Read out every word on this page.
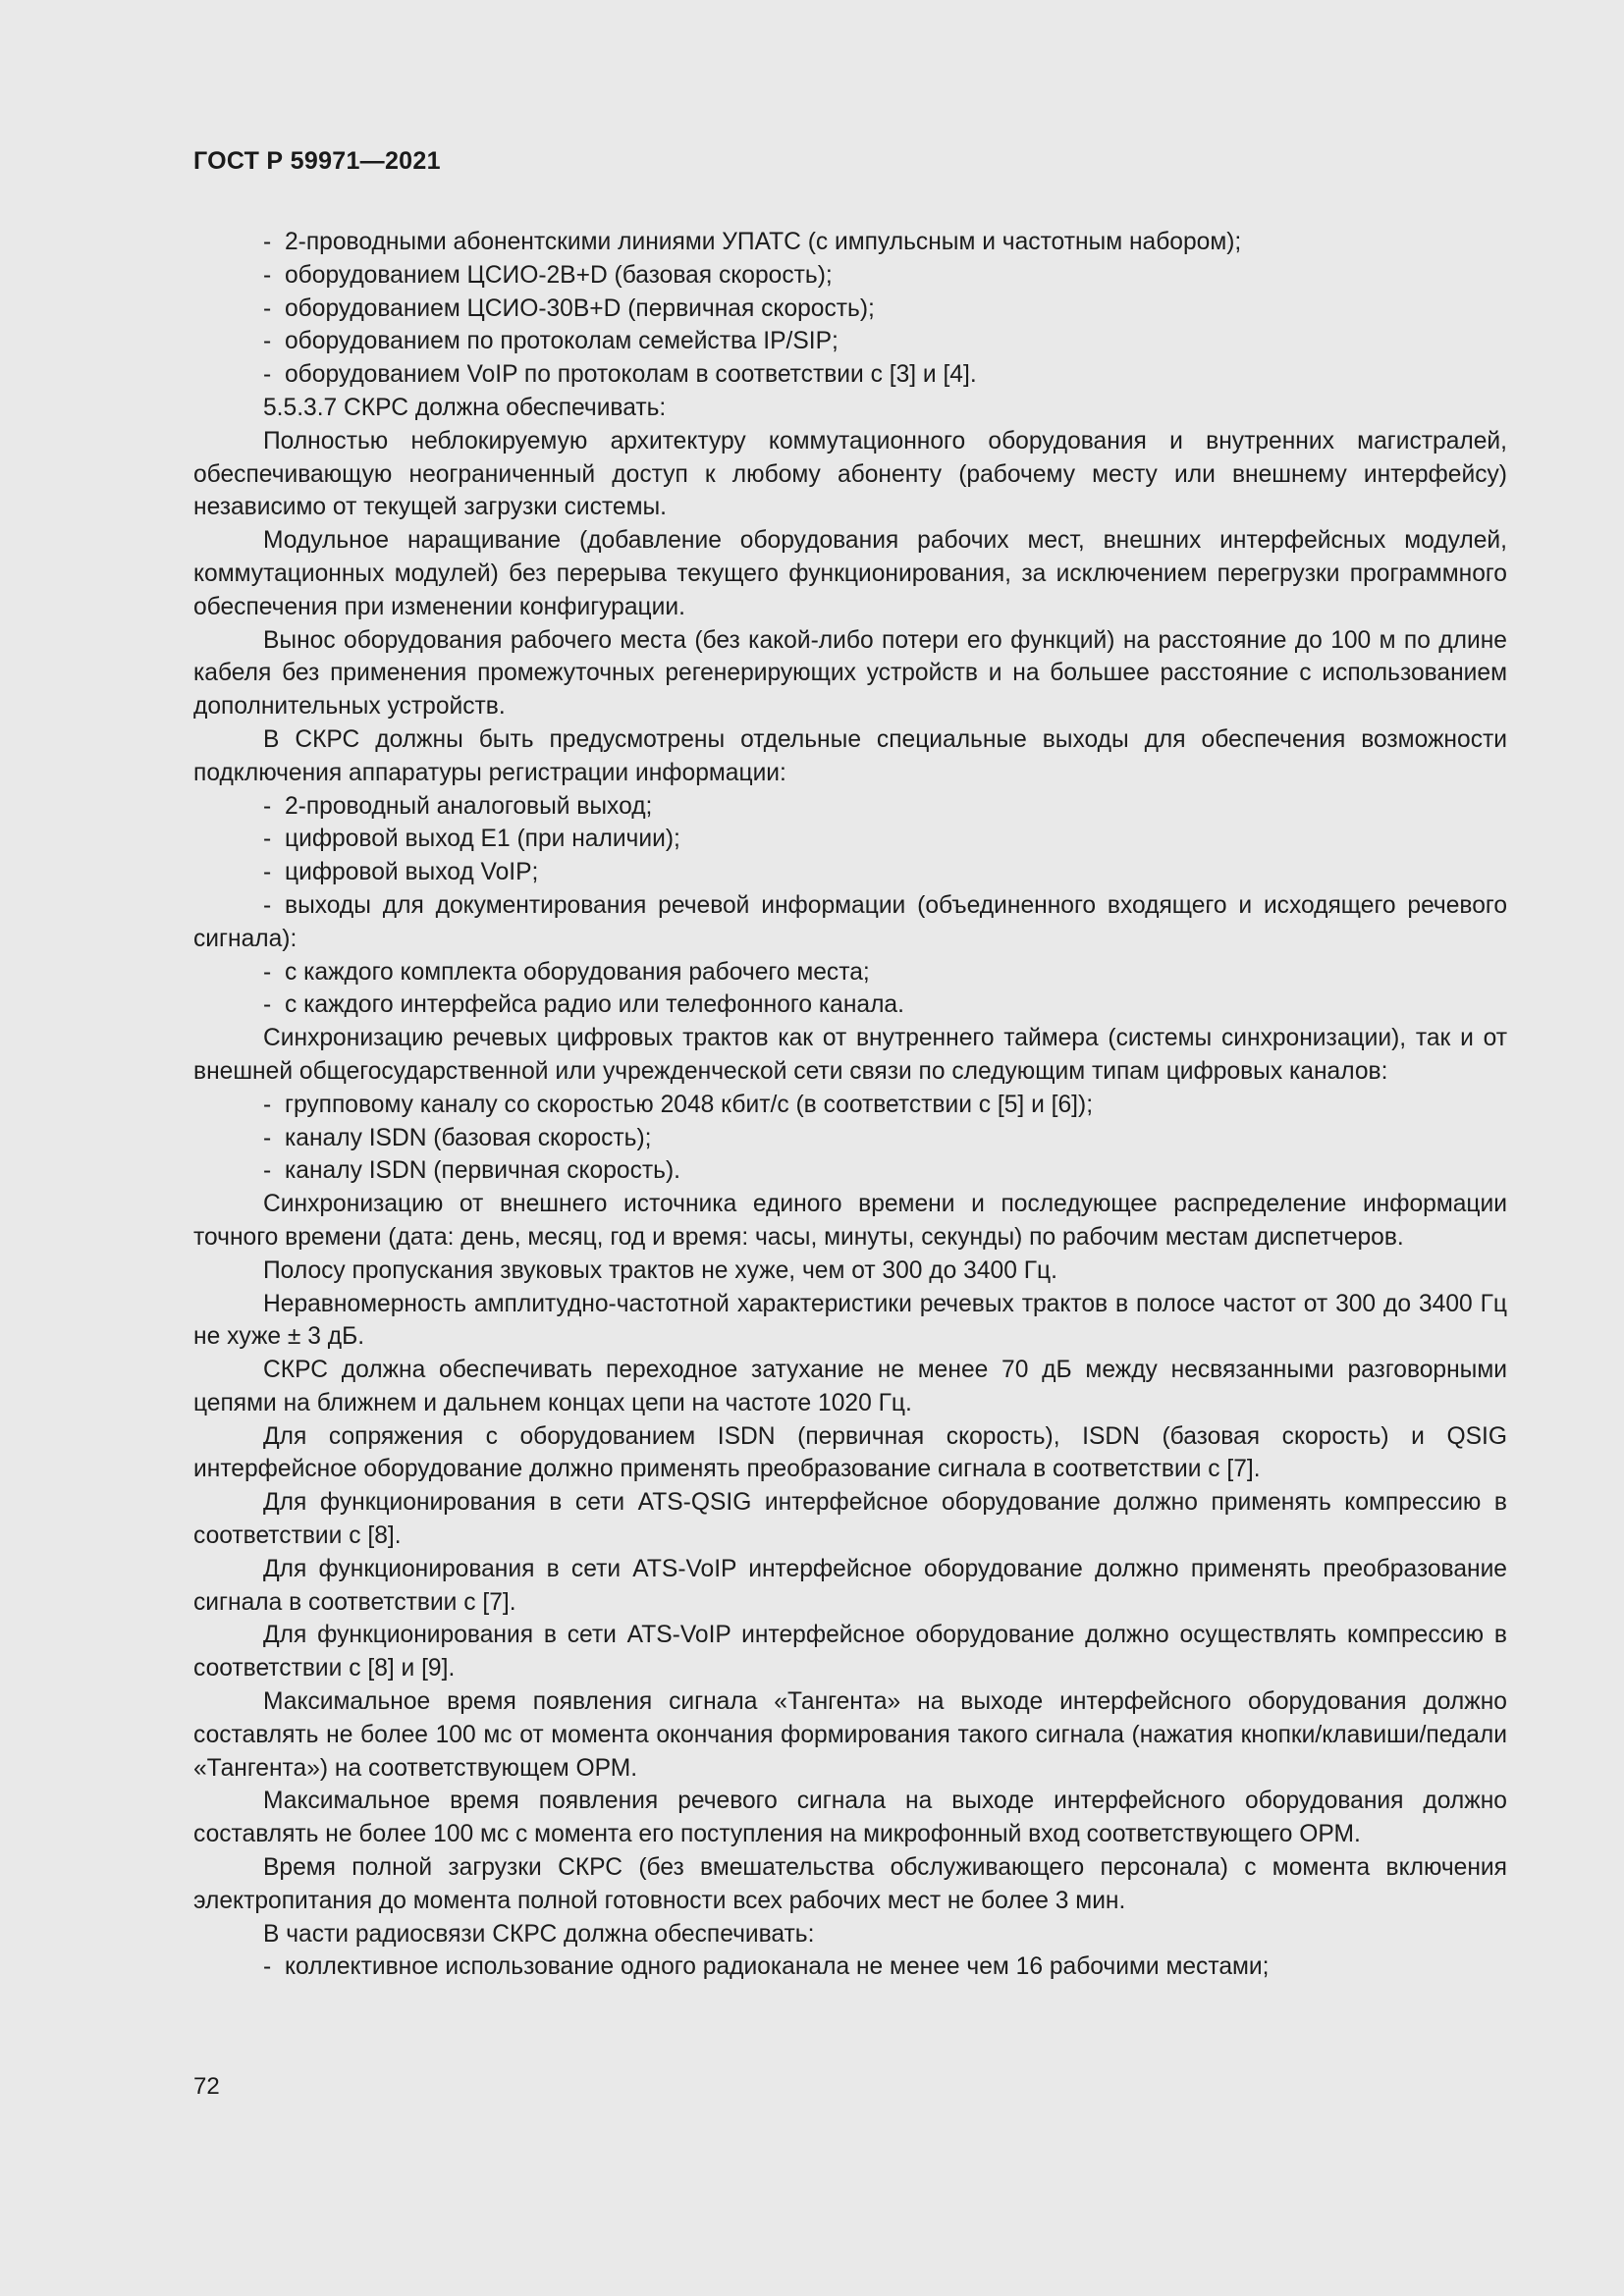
ГОСТ Р 59971—2021

- 2-проводными абонентскими линиями УПАТС (с импульсным и частотным набором);

- оборудованием ЦСИО-2B+D (базовая скорость);

- оборудованием ЦСИО-30B+D (первичная скорость);

- оборудованием по протоколам семейства IP/SIP;

- оборудованием VoIP по протоколам в соответствии с [3] и [4].

5.5.3.7 СКРС должна обеспечивать:

Полностью неблокируемую архитектуру коммутационного оборудования и внутренних магистралей, обеспечивающую неограниченный доступ к любому абоненту (рабочему месту или внешнему интерфейсу) независимо от текущей загрузки системы.

Модульное наращивание (добавление оборудования рабочих мест, внешних интерфейсных модулей, коммутационных модулей) без перерыва текущего функционирования, за исключением перегрузки программного обеспечения при изменении конфигурации.

Вынос оборудования рабочего места (без какой-либо потери его функций) на расстояние до 100 м по длине кабеля без применения промежуточных регенерирующих устройств и на большее расстояние с использованием дополнительных устройств.

В СКРС должны быть предусмотрены отдельные специальные выходы для обеспечения возможности подключения аппаратуры регистрации информации:

- 2-проводный аналоговый выход;

- цифровой выход Е1 (при наличии);

- цифровой выход VoIP;

- выходы для документирования речевой информации (объединенного входящего и исходящего речевого сигнала):

- с каждого комплекта оборудования рабочего места;

- с каждого интерфейса радио или телефонного канала.

Синхронизацию речевых цифровых трактов как от внутреннего таймера (системы синхронизации), так и от внешней общегосударственной или учрежденческой сети связи по следующим типам цифровых каналов:

- групповому каналу со скоростью 2048 кбит/с (в соответствии с [5] и [6]);

- каналу ISDN (базовая скорость);

- каналу ISDN (первичная скорость).

Синхронизацию от внешнего источника единого времени и последующее распределение информации точного времени (дата: день, месяц, год и время: часы, минуты, секунды) по рабочим местам диспетчеров.

Полосу пропускания звуковых трактов не хуже, чем от 300 до 3400 Гц.

Неравномерность амплитудно-частотной характеристики речевых трактов в полосе частот от 300 до 3400 Гц не хуже ± 3 дБ.

СКРС должна обеспечивать переходное затухание не менее 70 дБ между несвязанными разговорными цепями на ближнем и дальнем концах цепи на частоте 1020 Гц.

Для сопряжения с оборудованием ISDN (первичная скорость), ISDN (базовая скорость) и QSIG интерфейсное оборудование должно применять преобразование сигнала в соответствии с [7].

Для функционирования в сети ATS-QSIG интерфейсное оборудование должно применять компрессию в соответствии с [8].

Для функционирования в сети ATS-VoIP интерфейсное оборудование должно применять преобразование сигнала в соответствии с [7].

Для функционирования в сети ATS-VoIP интерфейсное оборудование должно осуществлять компрессию в соответствии с [8] и [9].

Максимальное время появления сигнала «Тангента» на выходе интерфейсного оборудования должно составлять не более 100 мс от момента окончания формирования такого сигнала (нажатия кнопки/клавиши/педали «Тангента») на соответствующем ОРМ.

Максимальное время появления речевого сигнала на выходе интерфейсного оборудования должно составлять не более 100 мс с момента его поступления на микрофонный вход соответствующего ОРМ.

Время полной загрузки СКРС (без вмешательства обслуживающего персонала) с момента включения электропитания до момента полной готовности всех рабочих мест не более 3 мин.

В части радиосвязи СКРС должна обеспечивать:

- коллективное использование одного радиоканала не менее чем 16 рабочими местами;

72
